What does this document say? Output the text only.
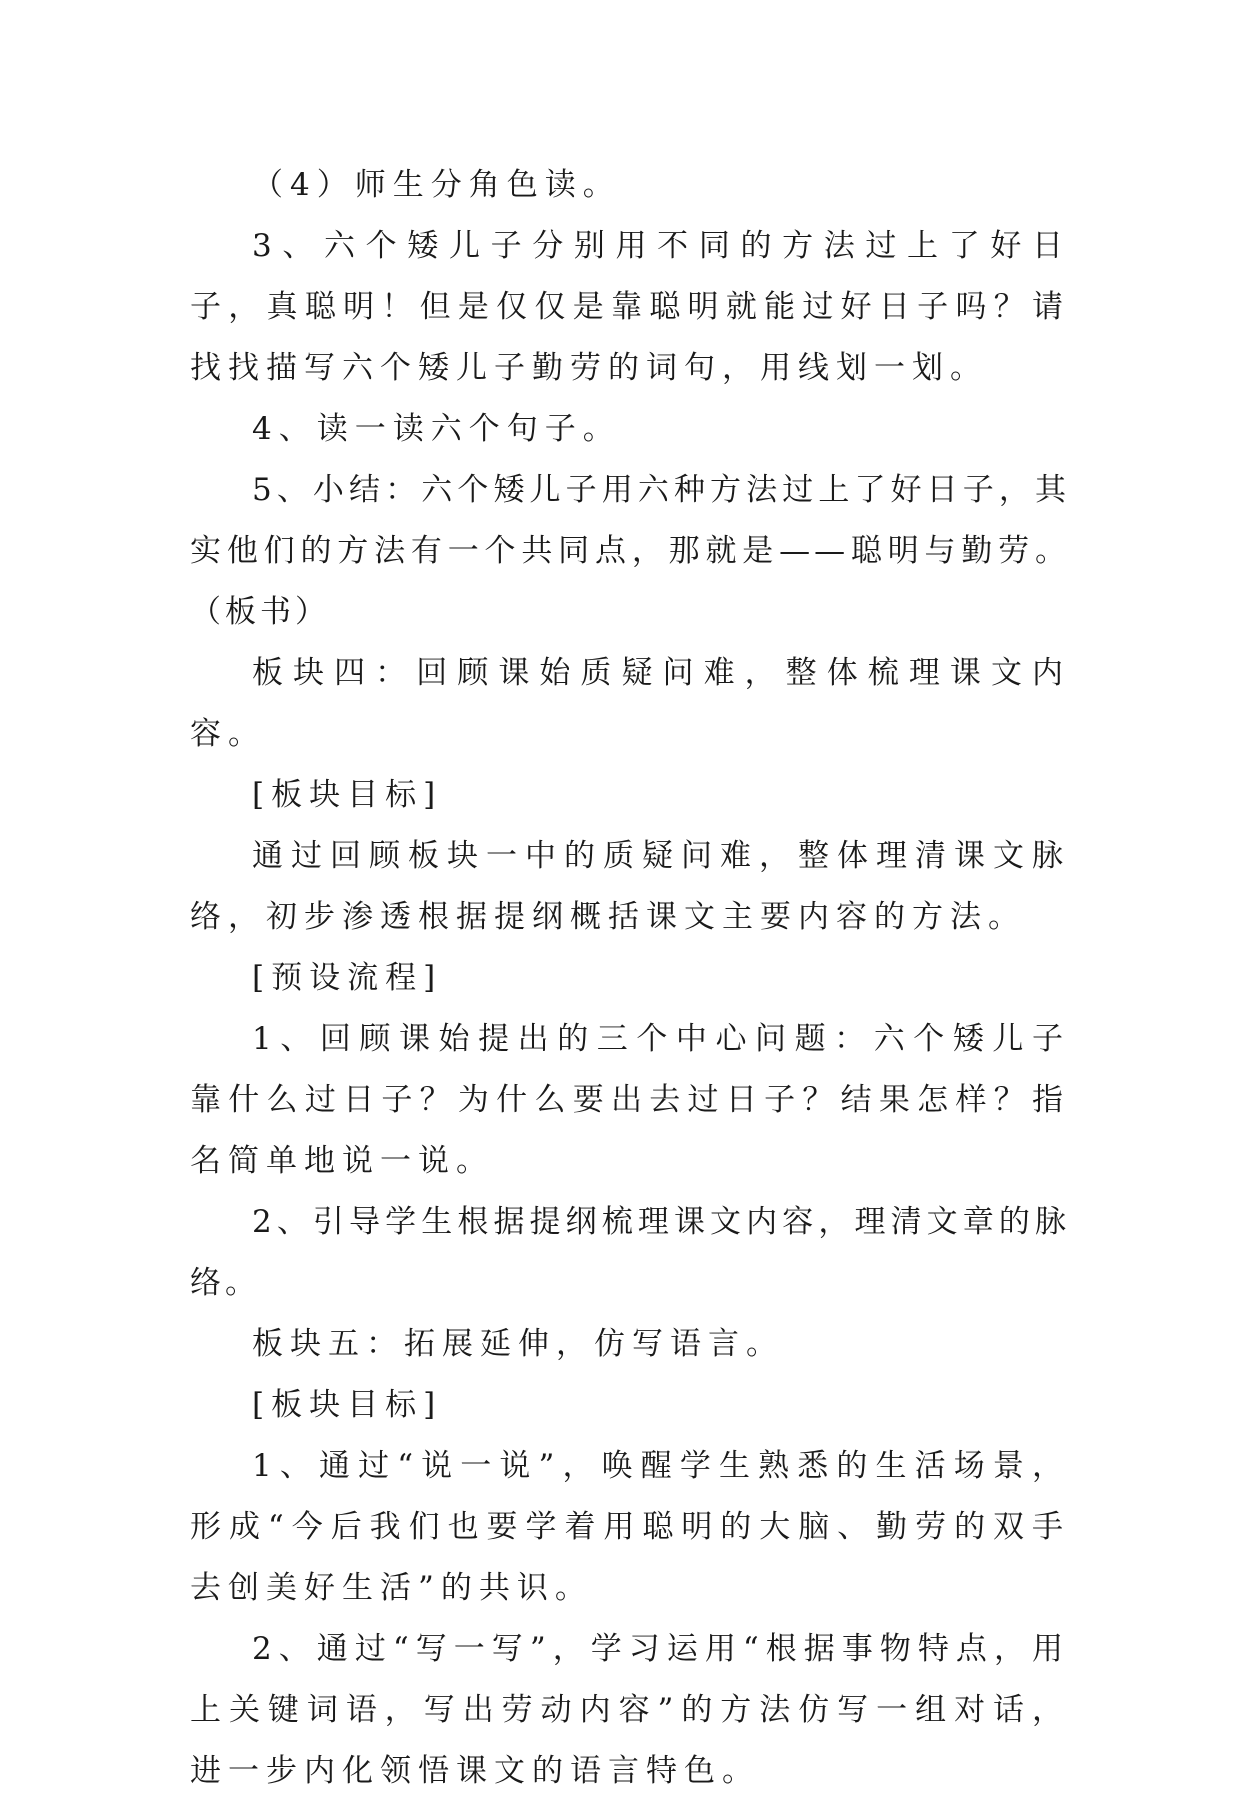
（4）师生分角色读。

3、六个矮儿子分别用不同的方法过上了好日子，真聪明！但是仅仅是靠聪明就能过好日子吗？请找找描写六个矮儿子勤劳的词句，用线划一划。

4、读一读六个句子。

5、小结：六个矮儿子用六种方法过上了好日子，其实他们的方法有一个共同点，那就是——聪明与勤劳。（板书）

板块四：回顾课始质疑问难，整体梳理课文内容。

[板块目标]

通过回顾板块一中的质疑问难，整体理清课文脉络，初步渗透根据提纲概括课文主要内容的方法。

[预设流程]

1、回顾课始提出的三个中心问题：六个矮儿子靠什么过日子？为什么要出去过日子？结果怎样？指名简单地说一说。

2、引导学生根据提纲梳理课文内容，理清文章的脉络。

板块五：拓展延伸，仿写语言。

[板块目标]

1、通过“说一说”，唤醒学生熟悉的生活场景，形成“今后我们也要学着用聪明的大脑、勤劳的双手去创美好生活”的共识。

2、通过“写一写”，学习运用“根据事物特点，用上关键词语，写出劳动内容”的方法仿写一组对话，进一步内化领悟课文的语言特色。
